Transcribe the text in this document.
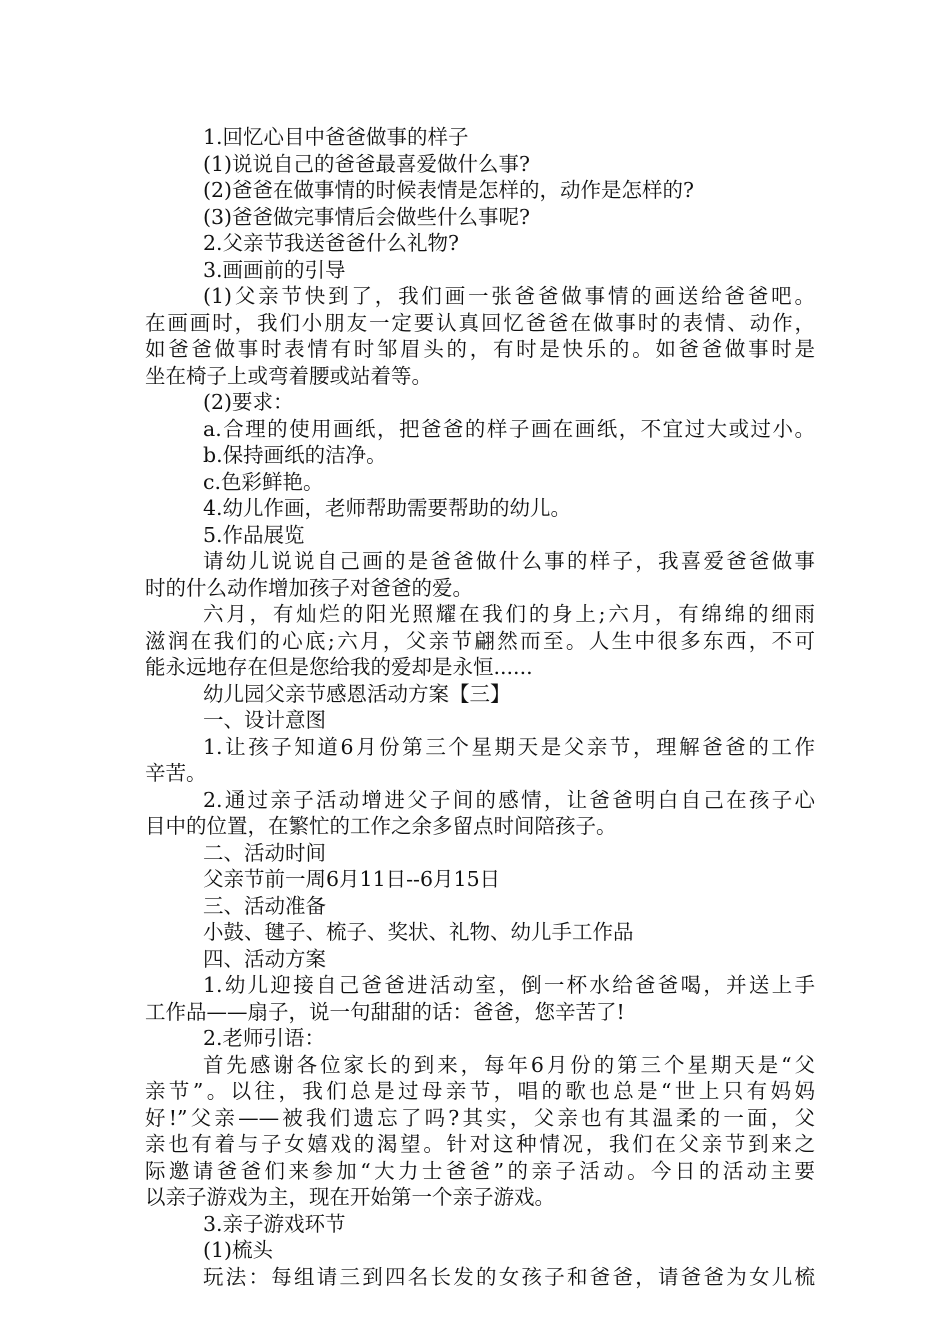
1.回忆心目中爸爸做事的样子
(1)说说自己的爸爸最喜爱做什么事?
(2)爸爸在做事情的时候表情是怎样的，动作是怎样的?
(3)爸爸做完事情后会做些什么事呢?
2.父亲节我送爸爸什么礼物?
3.画画前的引导
(1)父亲节快到了，我们画一张爸爸做事情的画送给爸爸吧。
在画画时，我们小朋友一定要认真回忆爸爸在做事时的表情、动作，
如爸爸做事时表情有时邹眉头的，有时是快乐的。如爸爸做事时是
坐在椅子上或弯着腰或站着等。
(2)要求：
a.合理的使用画纸，把爸爸的样子画在画纸，不宜过大或过小。
b.保持画纸的洁净。
c.色彩鲜艳。
4.幼儿作画，老师帮助需要帮助的幼儿。
5.作品展览
请幼儿说说自己画的是爸爸做什么事的样子，我喜爱爸爸做事
时的什么动作增加孩子对爸爸的爱。
六月，有灿烂的阳光照耀在我们的身上;六月，有绵绵的细雨
滋润在我们的心底;六月，父亲节翩然而至。人生中很多东西，不可
能永远地存在但是您给我的爱却是永恒......
幼儿园父亲节感恩活动方案【三】
一、设计意图
1.让孩子知道6月份第三个星期天是父亲节，理解爸爸的工作
辛苦。
2.通过亲子活动增进父子间的感情，让爸爸明白自己在孩子心
目中的位置，在繁忙的工作之余多留点时间陪孩子。
二、活动时间
父亲节前一周6月11日--6月15日
三、活动准备
小鼓、毽子、梳子、奖状、礼物、幼儿手工作品
四、活动方案
1.幼儿迎接自己爸爸进活动室，倒一杯水给爸爸喝，并送上手
工作品——扇子，说一句甜甜的话：爸爸，您辛苦了!
2.老师引语：
首先感谢各位家长的到来，每年6月份的第三个星期天是“父
亲节”。以往，我们总是过母亲节，唱的歌也总是“世上只有妈妈
好!”父亲——被我们遗忘了吗?其实，父亲也有其温柔的一面，父
亲也有着与子女嬉戏的渴望。针对这种情况，我们在父亲节到来之
际邀请爸爸们来参加“大力士爸爸”的亲子活动。今日的活动主要
以亲子游戏为主，现在开始第一个亲子游戏。
3.亲子游戏环节
(1)梳头
玩法：每组请三到四名长发的女孩子和爸爸，请爸爸为女儿梳
